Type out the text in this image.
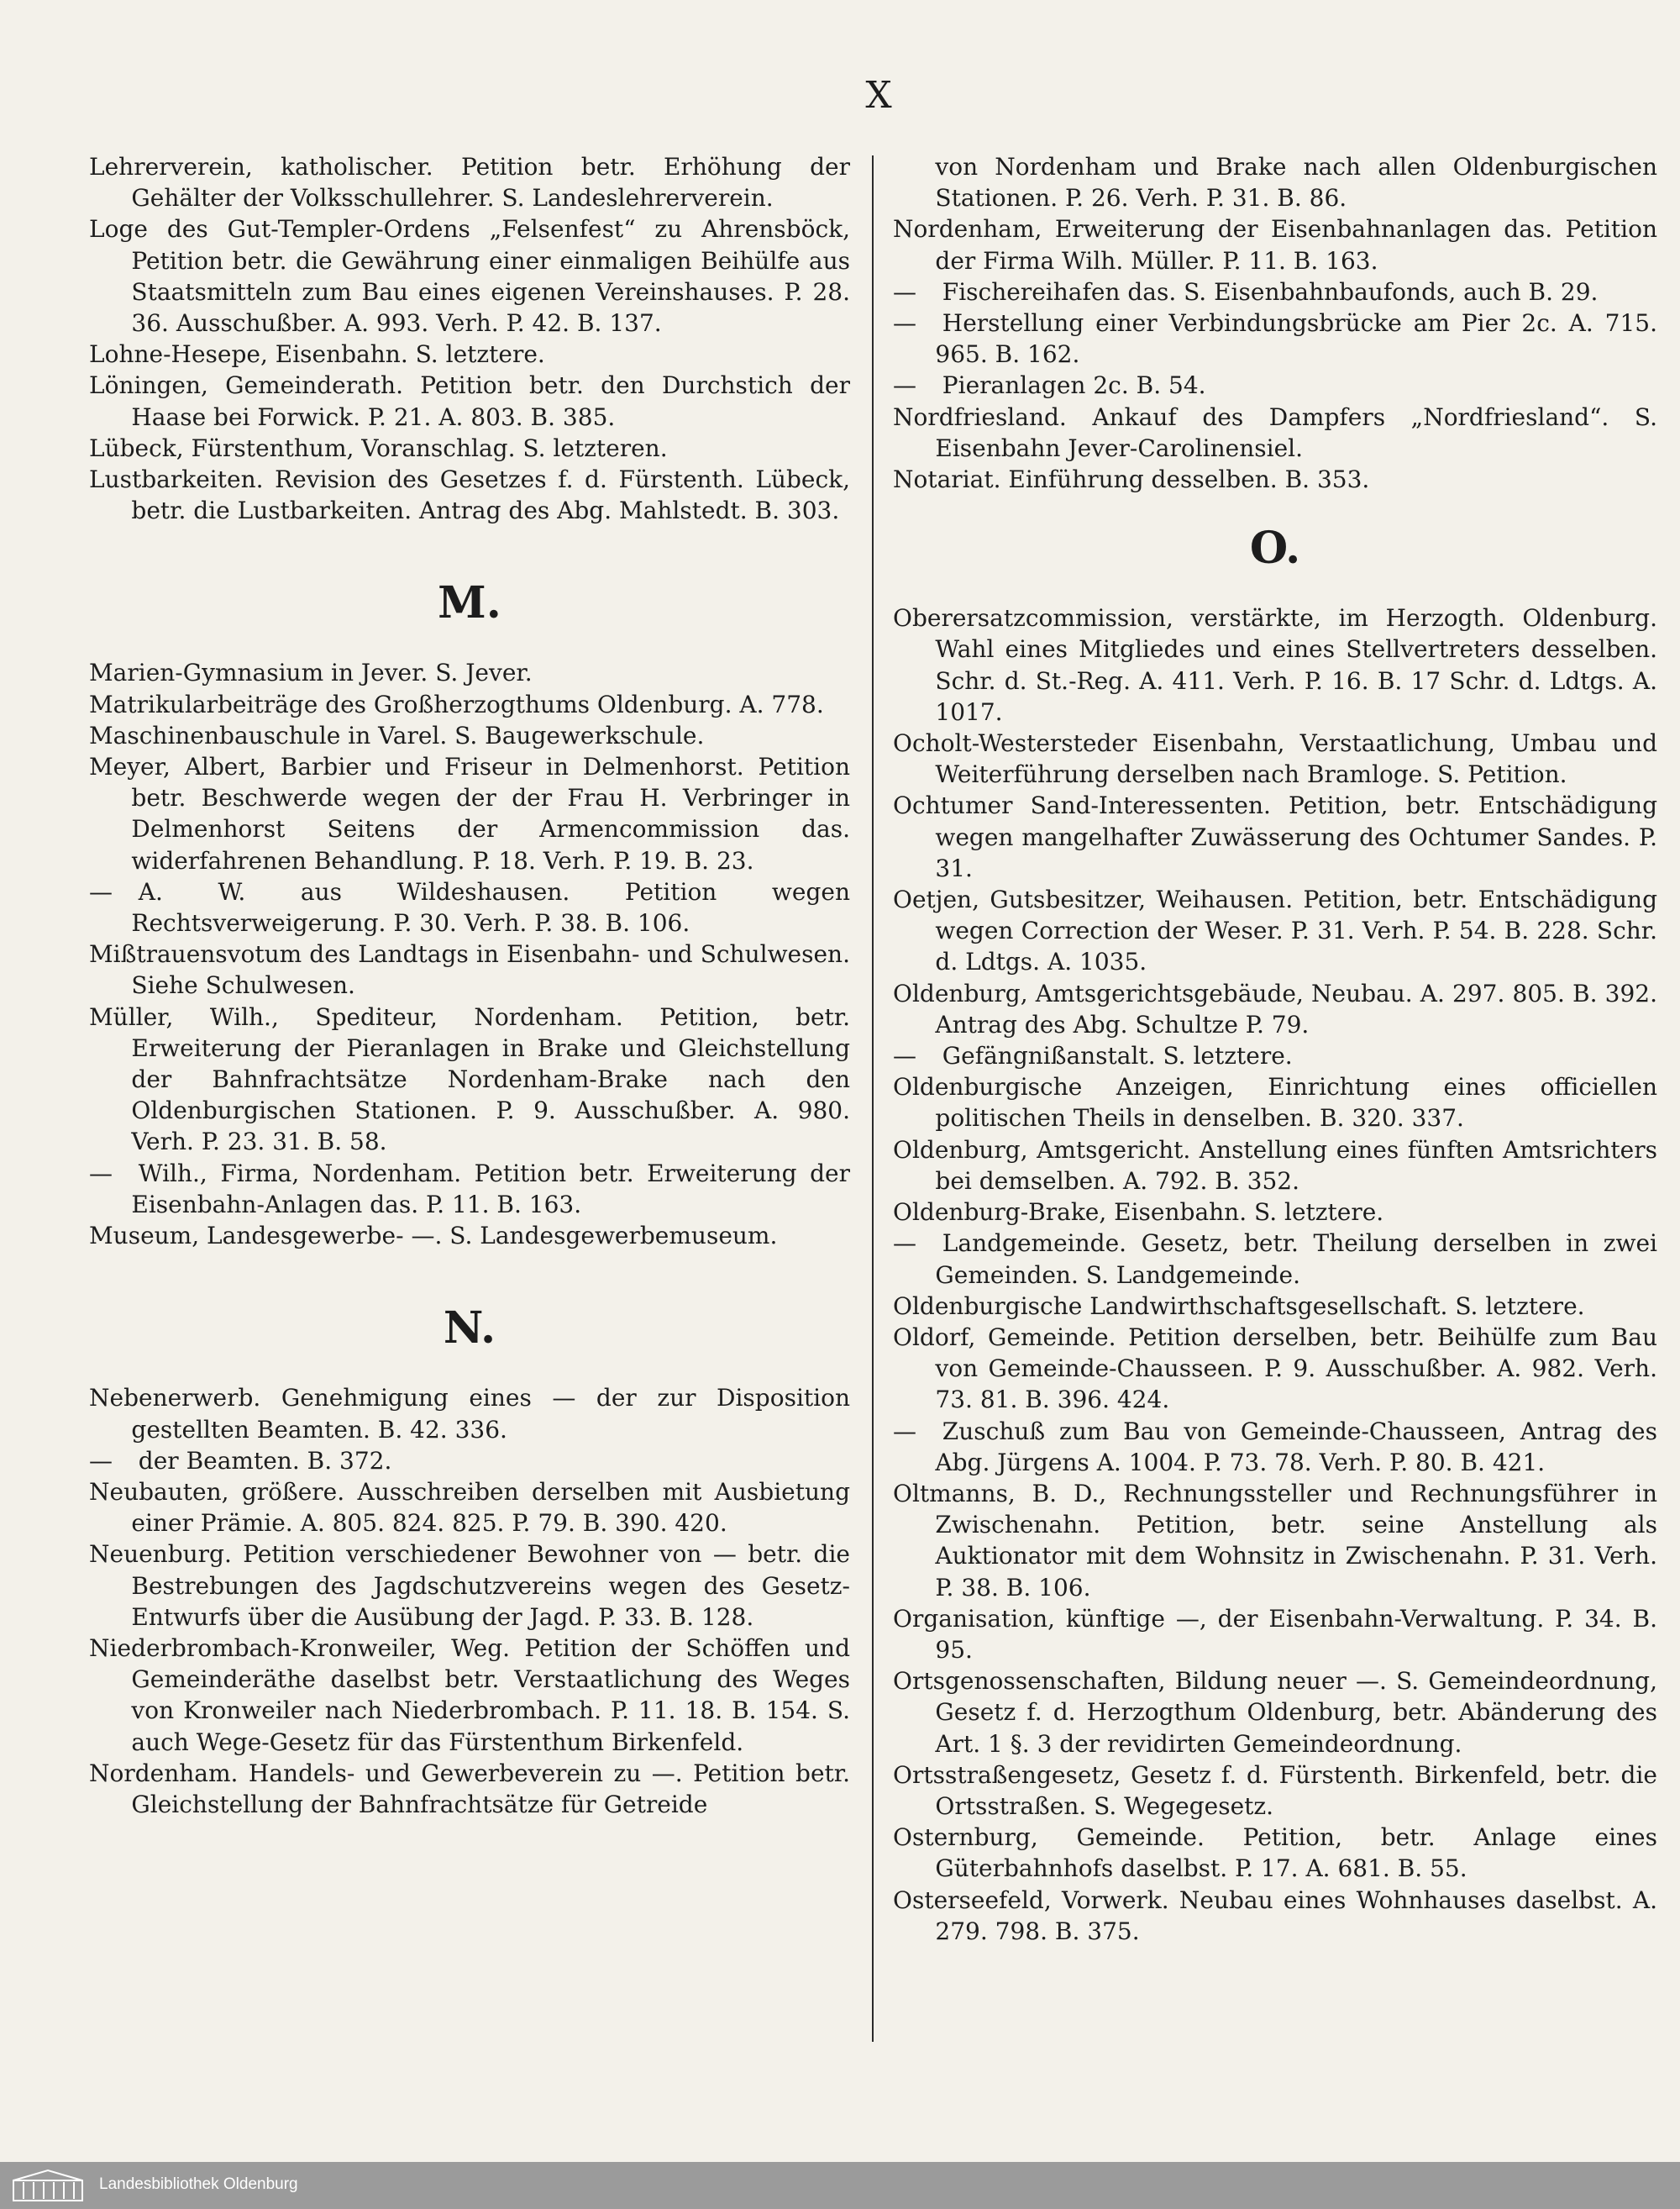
X
Lehrerverein, katholischer. Petition betr. Erhöhung der Gehälter der Volksschullehrer. S. Landeslehrerverein.
Loge des Gut-Templer-Ordens „Felsenfest“ zu Ahrensböck, Petition betr. die Gewährung einer einmaligen Beihülfe aus Staatsmitteln zum Bau eines eigenen Vereinshauses. P. 28. 36. Ausschußber. A. 993. Verh. P. 42. B. 137.
Lohne-Hesepe, Eisenbahn. S. letztere.
Löningen, Gemeinderath. Petition betr. den Durchstich der Haase bei Forwick. P. 21. A. 803. B. 385.
Lübeck, Fürstenthum, Voranschlag. S. letzteren.
Lustbarkeiten. Revision des Gesetzes f. d. Fürstenth. Lübeck, betr. die Lustbarkeiten. Antrag des Abg. Mahlstedt. B. 303.
M.
Marien-Gymnasium in Jever. S. Jever.
Matrikularbeiträge des Großherzogthums Oldenburg. A. 778.
Maschinenbauschule in Varel. S. Baugewerkschule.
Meyer, Albert, Barbier und Friseur in Delmenhorst. Petition betr. Beschwerde wegen der der Frau H. Verbringer in Delmenhorst Seitens der Armencommission das. widerfahrenen Behandlung. P. 18. Verh. P. 19. B. 23.
— A. W. aus Wildeshausen. Petition wegen Rechtsverweigerung. P. 30. Verh. P. 38. B. 106.
Mißtrauensvotum des Landtags in Eisenbahn- und Schulwesen. Siehe Schulwesen.
Müller, Wilh., Spediteur, Nordenham. Petition, betr. Erweiterung der Pieranlagen in Brake und Gleichstellung der Bahnfrachtsätze Nordenham-Brake nach den Oldenburgischen Stationen. P. 9. Ausschußber. A. 980. Verh. P. 23. 31. B. 58.
— Wilh., Firma, Nordenham. Petition betr. Erweiterung der Eisenbahn-Anlagen das. P. 11. B. 163.
Museum, Landesgewerbe- —. S. Landesgewerbemuseum.
N.
Nebenerwerb. Genehmigung eines — der zur Disposition gestellten Beamten. B. 42. 336.
— der Beamten. B. 372.
Neubauten, größere. Ausschreiben derselben mit Ausbietung einer Prämie. A. 805. 824. 825. P. 79. B. 390. 420.
Neuenburg. Petition verschiedener Bewohner von — betr. die Bestrebungen des Jagdschutzvereins wegen des Gesetz-Entwurfs über die Ausübung der Jagd. P. 33. B. 128.
Niederbrombach-Kronweiler, Weg. Petition der Schöffen und Gemeinderäthe daselbst betr. Verstaatlichung des Weges von Kronweiler nach Niederbrombach. P. 11. 18. B. 154. S. auch Wege-Gesetz für das Fürstenthum Birkenfeld.
Nordenham. Handels- und Gewerbeverein zu —. Petition betr. Gleichstellung der Bahnfrachtsätze für Getreide
von Nordenham und Brake nach allen Oldenburgischen Stationen. P. 26. Verh. P. 31. B. 86.
Nordenham, Erweiterung der Eisenbahnanlagen das. Petition der Firma Wilh. Müller. P. 11. B. 163.
— Fischereihafen das. S. Eisenbahnbaufonds, auch B. 29.
— Herstellung einer Verbindungsbrücke am Pier 2c. A. 715. 965. B. 162.
— Pieranlagen 2c. B. 54.
Nordfriesland. Ankauf des Dampfers „Nordfriesland“. S. Eisenbahn Jever-Carolinensiel.
Notariat. Einführung desselben. B. 353.
O.
Oberersatzcommission, verstärkte, im Herzogth. Oldenburg. Wahl eines Mitgliedes und eines Stellvertreters desselben. Schr. d. St.-Reg. A. 411. Verh. P. 16. B. 17 Schr. d. Ldtgs. A. 1017.
Ocholt-Westersteder Eisenbahn, Verstaatlichung, Umbau und Weiterführung derselben nach Bramloge. S. Petition.
Ochtumer Sand-Interessenten. Petition, betr. Entschädigung wegen mangelhafter Zuwässerung des Ochtumer Sandes. P. 31.
Oetjen, Gutsbesitzer, Weihausen. Petition, betr. Entschädigung wegen Correction der Weser. P. 31. Verh. P. 54. B. 228. Schr. d. Ldtgs. A. 1035.
Oldenburg, Amtsgerichtsgebäude, Neubau. A. 297. 805. B. 392. Antrag des Abg. Schultze P. 79.
— Gefängnißanstalt. S. letztere.
Oldenburgische Anzeigen, Einrichtung eines officiellen politischen Theils in denselben. B. 320. 337.
Oldenburg, Amtsgericht. Anstellung eines fünften Amtsrichters bei demselben. A. 792. B. 352.
Oldenburg-Brake, Eisenbahn. S. letztere.
— Landgemeinde. Gesetz, betr. Theilung derselben in zwei Gemeinden. S. Landgemeinde.
Oldenburgische Landwirthschaftsgesellschaft. S. letztere.
Oldorf, Gemeinde. Petition derselben, betr. Beihülfe zum Bau von Gemeinde-Chausseen. P. 9. Ausschußber. A. 982. Verh. 73. 81. B. 396. 424.
— Zuschuß zum Bau von Gemeinde-Chausseen, Antrag des Abg. Jürgens A. 1004. P. 73. 78. Verh. P. 80. B. 421.
Oltmanns, B. D., Rechnungssteller und Rechnungsführer in Zwischenahn. Petition, betr. seine Anstellung als Auktionator mit dem Wohnsitz in Zwischenahn. P. 31. Verh. P. 38. B. 106.
Organisation, künftige —, der Eisenbahn-Verwaltung. P. 34. B. 95.
Ortsgenossenschaften, Bildung neuer —. S. Gemeindeordnung, Gesetz f. d. Herzogthum Oldenburg, betr. Abänderung des Art. 1 §. 3 der revidirten Gemeindeordnung.
Ortsstraßengesetz, Gesetz f. d. Fürstenth. Birkenfeld, betr. die Ortsstraßen. S. Wegegesetz.
Osternburg, Gemeinde. Petition, betr. Anlage eines Güterbahnhofs daselbst. P. 17. A. 681. B. 55.
Osterseefeld, Vorwerk. Neubau eines Wohnhauses daselbst. A. 279. 798. B. 375.
Landesbibliothek Oldenburg
